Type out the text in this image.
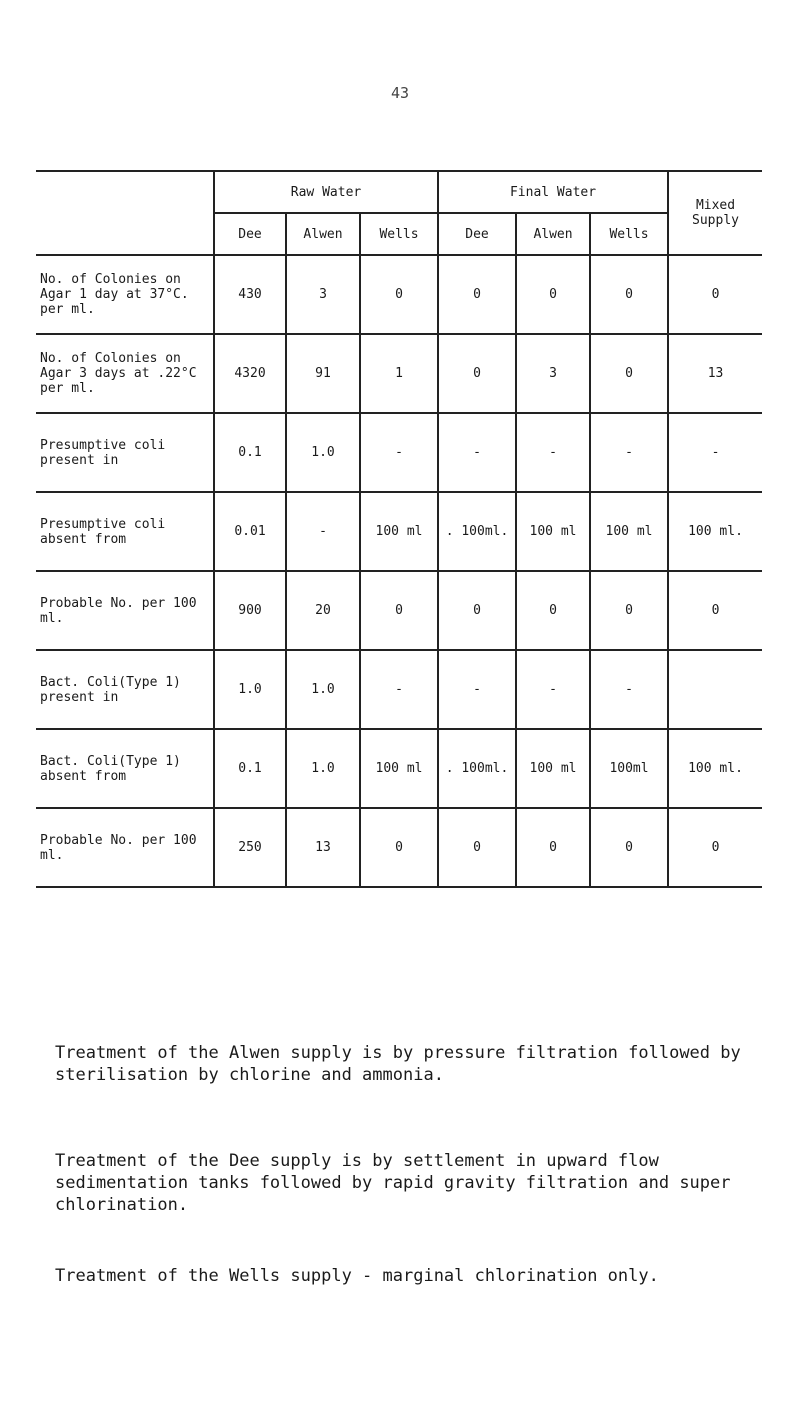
43
	Raw Water			Final Water			Mixed Supply
	Dee	Alwen	Wells	Dee	Alwen	Wells	
No. of Colonies on Agar 1 day at 37°C. per ml.	430	3	0	0	0	0	0
No. of Colonies on Agar 3 days at .22°C per ml.	4320	91	1	0	3	0	13
Presumptive coli present in	0.1	1.0	-	-	-	-	-
Presumptive coli absent from	0.01	-	100 ml	. 100ml.	100 ml	100 ml	100 ml.
Probable No. per 100 ml.	900	20	0	0	0	0	0
Bact. Coli(Type 1) present in	1.0	1.0	-	-	-	-	
Bact. Coli(Type 1) absent from	0.1	1.0	100 ml	. 100ml.	100 ml	100ml	100 ml.
Probable No. per 100 ml.	250	13	0	0	0	0	0

Treatment of the Alwen supply is by pressure filtration followed by sterilisation by chlorine and ammonia.

Treatment of the Dee supply is by settlement in upward flow sedimentation tanks followed by rapid gravity filtration and super chlorination.

Treatment of the Wells supply - marginal chlorination only.
